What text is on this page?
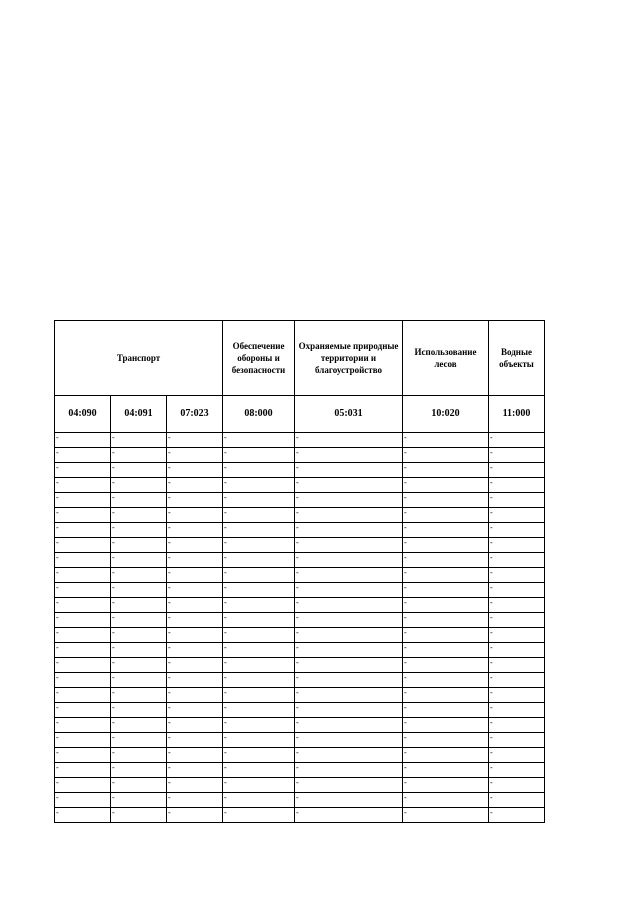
Транспорт			Обеспечение обороны и безопасности	Охраняемые природные территории и благоустройство	Использование лесов	Водные объекты
04:090	04:091	07:023	08:000	05:031	10:020	11:000
-	-	-	-	-	-	-
-	-	-	-	-	-	-
-	-	-	-	-	-	-
-	-	-	-	-	-	-
-	-	-	-	-	-	-
-	-	-	-	-	-	-
-	-	-	-	-	-	-
-	-	-	-	-	-	-
-	-	-	-	-	-	-
-	-	-	-	-	-	-
-	-	-	-	-	-	-
-	-	-	-	-	-	-
-	-	-	-	-	-	-
-	-	-	-	-	-	-
-	-	-	-	-	-	-
-	-	-	-	-	-	-
-	-	-	-	-	-	-
-	-	-	-	-	-	-
-	-	-	-	-	-	-
-	-	-	-	-	-	-
-	-	-	-	-	-	-
-	-	-	-	-	-	-
-	-	-	-	-	-	-
-	-	-	-	-	-	-
-	-	-	-	-	-	-
-	-	-	-	-	-	-
